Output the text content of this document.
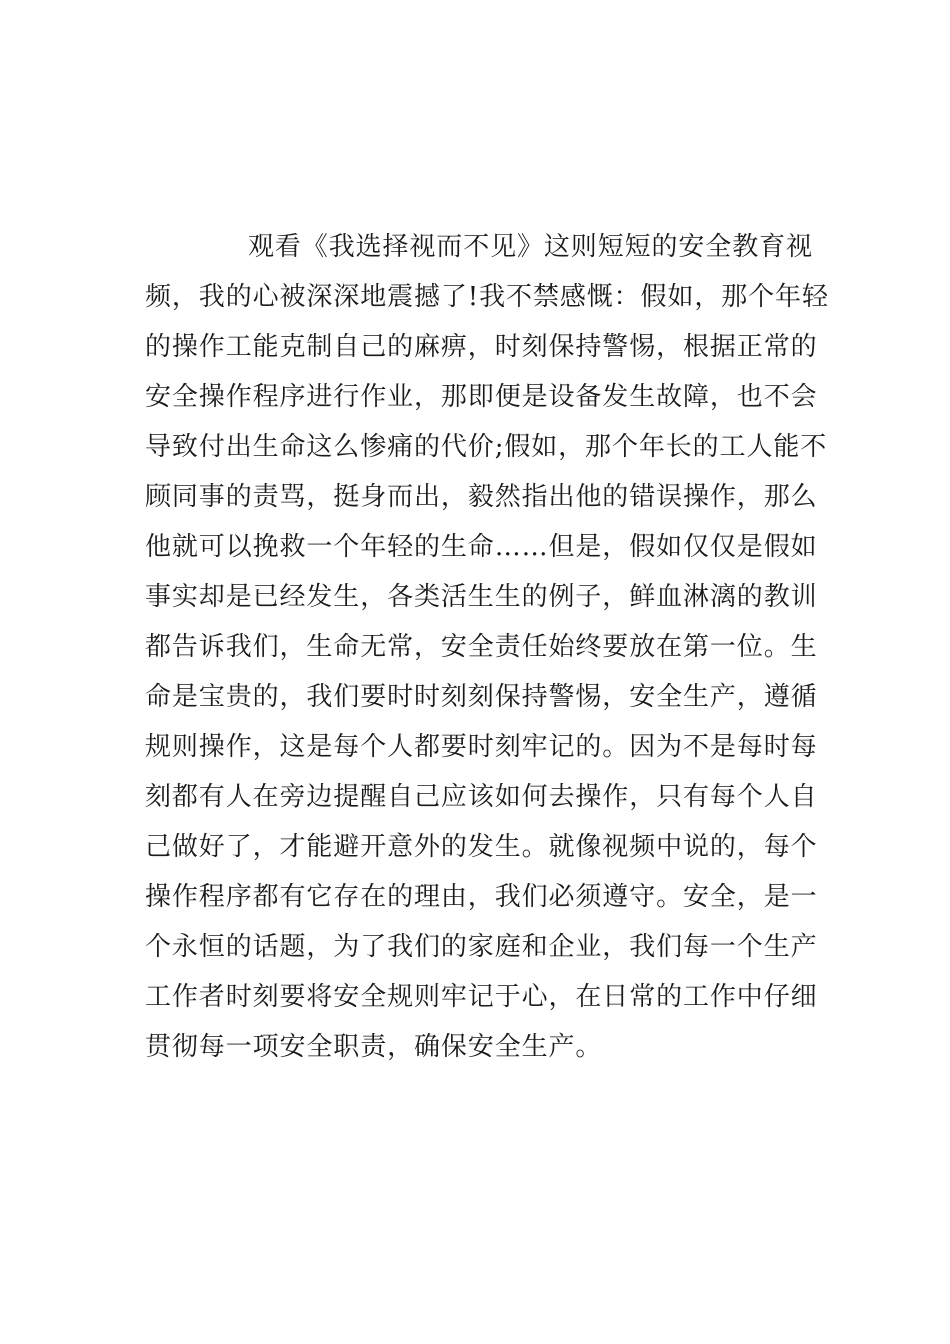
观看《我选择视而不见》这则短短的安全教育视
频，我的心被深深地震撼了!我不禁感慨：假如，那个年轻
的操作工能克制自己的麻痹，时刻保持警惕，根据正常的
安全操作程序进行作业，那即便是设备发生故障，也不会
导致付出生命这么惨痛的代价;假如，那个年长的工人能不
顾同事的责骂，挺身而出，毅然指出他的错误操作，那么
他就可以挽救一个年轻的生命……但是，假如仅仅是假如
事实却是已经发生，各类活生生的例子，鲜血淋漓的教训
都告诉我们，生命无常，安全责任始终要放在第一位。生
命是宝贵的，我们要时时刻刻保持警惕，安全生产，遵循
规则操作，这是每个人都要时刻牢记的。因为不是每时每
刻都有人在旁边提醒自己应该如何去操作，只有每个人自
己做好了，才能避开意外的发生。就像视频中说的，每个
操作程序都有它存在的理由，我们必须遵守。安全，是一
个永恒的话题，为了我们的家庭和企业，我们每一个生产
工作者时刻要将安全规则牢记于心，在日常的工作中仔细
贯彻每一项安全职责，确保安全生产。
